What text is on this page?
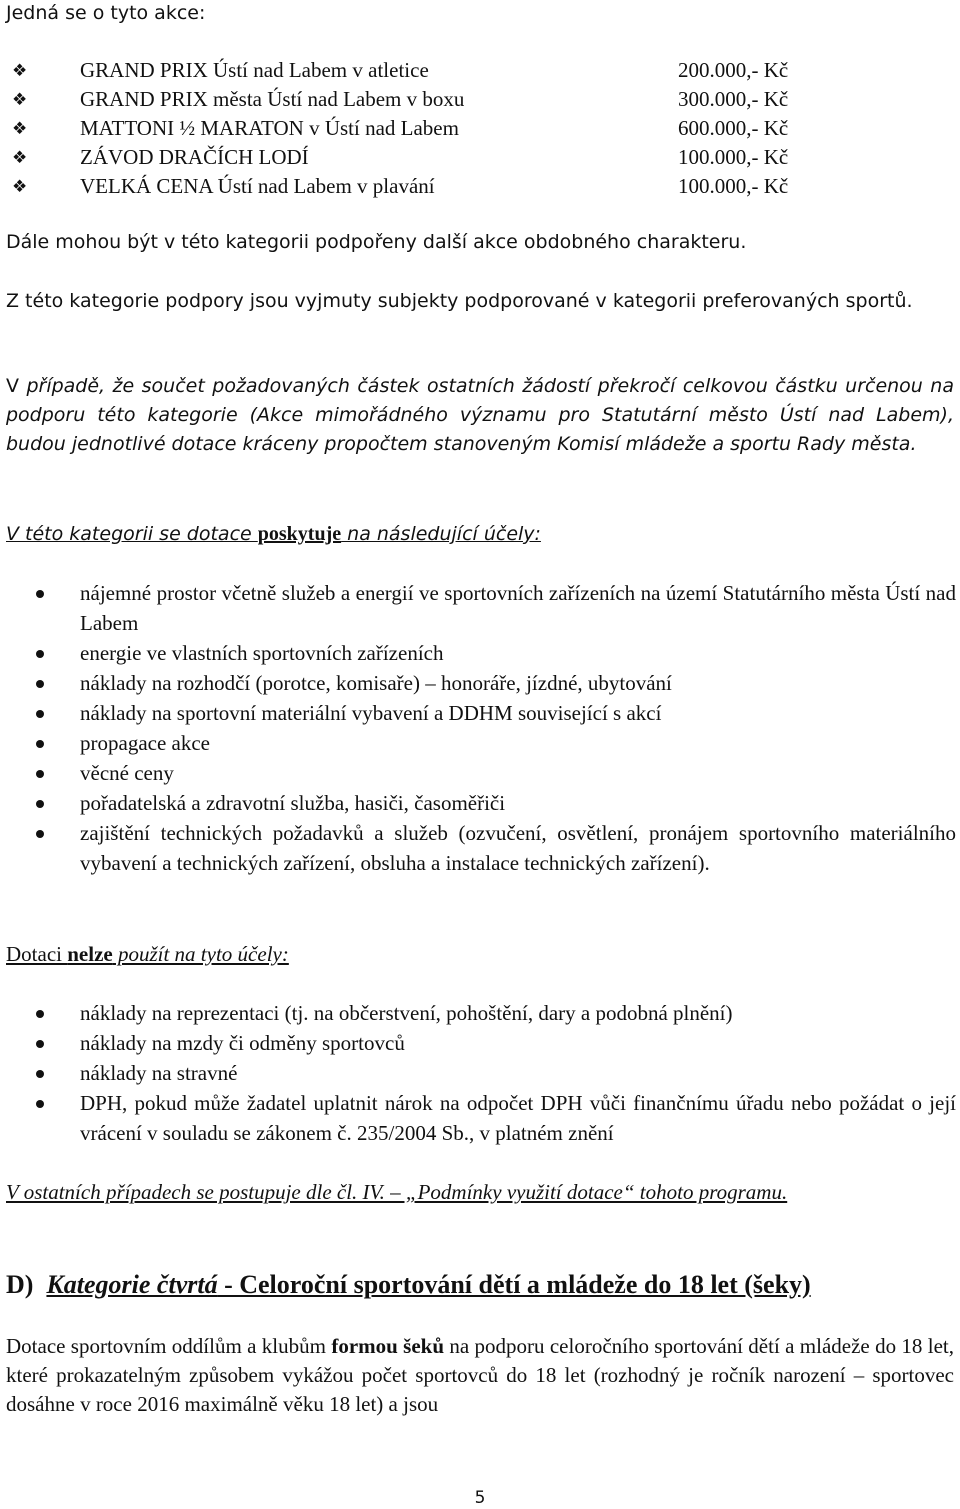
Jedná se o tyto akce:
❖	GRAND PRIX Ústí nad Labem v atletice	200.000,- Kč
❖	GRAND PRIX města Ústí nad Labem v boxu	300.000,- Kč
❖	MATTONI ½ MARATON v Ústí nad Labem	600.000,- Kč
❖	ZÁVOD DRAČÍCH LODÍ	100.000,- Kč
❖	VELKÁ CENA Ústí nad Labem v plavání	100.000,- Kč
Dále mohou být v této kategorii podpořeny další akce obdobného charakteru.
Z této kategorie podpory jsou vyjmuty subjekty podporované v kategorii preferovaných sportů.
V případě, že součet požadovaných částek ostatních žádostí překročí celkovou částku určenou na podporu této kategorie (Akce mimořádného významu pro Statutární město Ústí nad Labem), budou jednotlivé dotace kráceny propočtem stanoveným Komisí mládeže a sportu Rady města.
V této kategorii se dotace poskytuje na následující účely:
nájemné prostor včetně služeb a energií ve sportovních zařízeních na území Statutárního města Ústí nad Labem
energie ve vlastních sportovních zařízeních
náklady na rozhodčí (porotce, komisaře) – honoráře, jízdné, ubytování
náklady na sportovní materiální vybavení a DDHM související s akcí
propagace akce
věcné ceny
pořadatelská a zdravotní služba, hasiči, časoměřiči
zajištění technických požadavků a služeb (ozvučení, osvětlení, pronájem sportovního materiálního vybavení a technických zařízení, obsluha a instalace technických zařízení).
Dotaci nelze použít na tyto účely:
náklady na reprezentaci (tj. na občerstvení, pohoštění, dary a podobná plnění)
náklady na mzdy či odměny sportovců
náklady na stravné
DPH, pokud může žadatel uplatnit nárok na odpočet DPH vůči finančnímu úřadu nebo požádat o její vrácení v souladu se zákonem č. 235/2004 Sb., v platném znění
V ostatních případech se postupuje dle čl. IV. – „Podmínky využití dotace“ tohoto programu.
D) Kategorie čtvrtá - Celoroční sportování dětí a mládeže do 18 let (šeky)
Dotace sportovním oddílům a klubům formou šeků na podporu celoročního sportování dětí a mládeže do 18 let, které prokazatelným způsobem vykážou počet sportovců do 18 let (rozhodný je ročník narození – sportovec dosáhne v roce 2016 maximálně věku 18 let) a jsou
5
